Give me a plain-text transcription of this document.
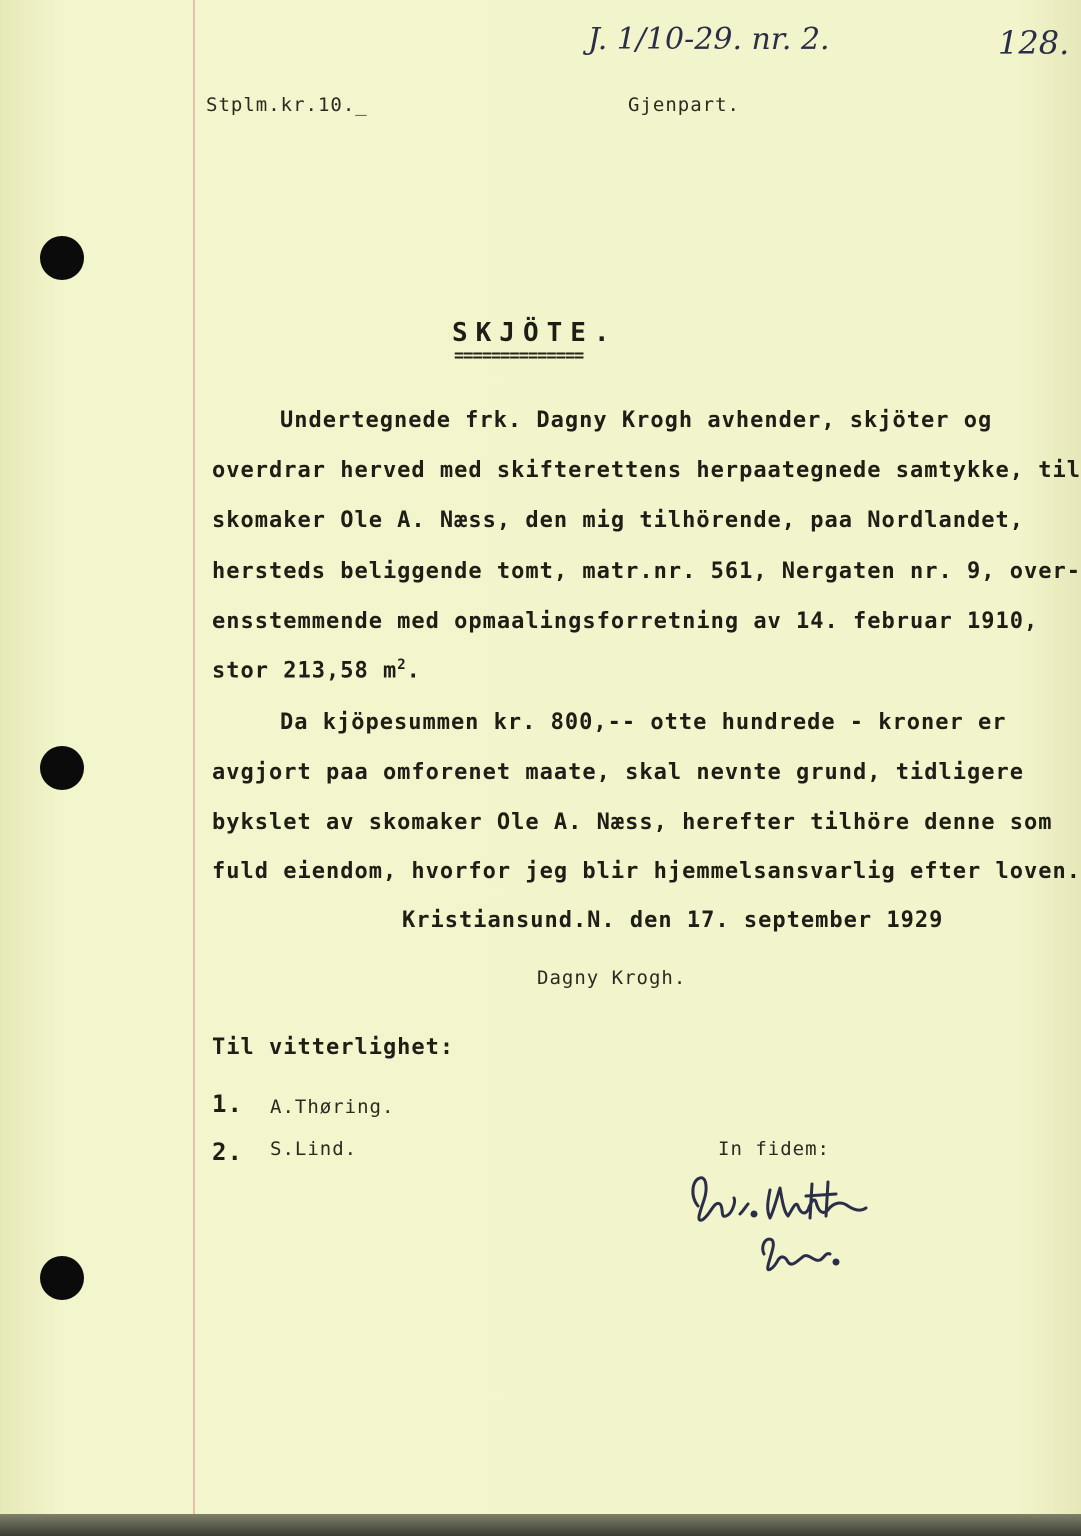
J. 1/10-29. nr. 2.	128.
Stplm.kr.10._	Gjenpart.
SKJÖTE.
==============
Undertegnede frk. Dagny Krogh avhender, skjöter og
overdrar herved med skifterettens herpaategnede samtykke, til
skomaker Ole A. Næss, den mig tilhörende, paa Nordlandet,
hersteds beliggende tomt, matr.nr. 561, Nergaten nr. 9, over-
ensstemmende med opmaalingsforretning av 14. februar 1910,
stor 213,58 $m^2$.
Da kjöpesummen kr. 800,-- otte hundrede - kroner er
avgjort paa omforenet maate, skal nevnte grund, tidligere
bykslet av skomaker Ole A. Næss, herefter tilhöre denne som
fuld eiendom, hvorfor jeg blir hjemmelsansvarlig efter loven.
Kristiansund.N. den 17. september 1929
Dagny Krogh.
Til vitterlighet:
1. A.Thøring.
2. S.Lind.	In fidem:
